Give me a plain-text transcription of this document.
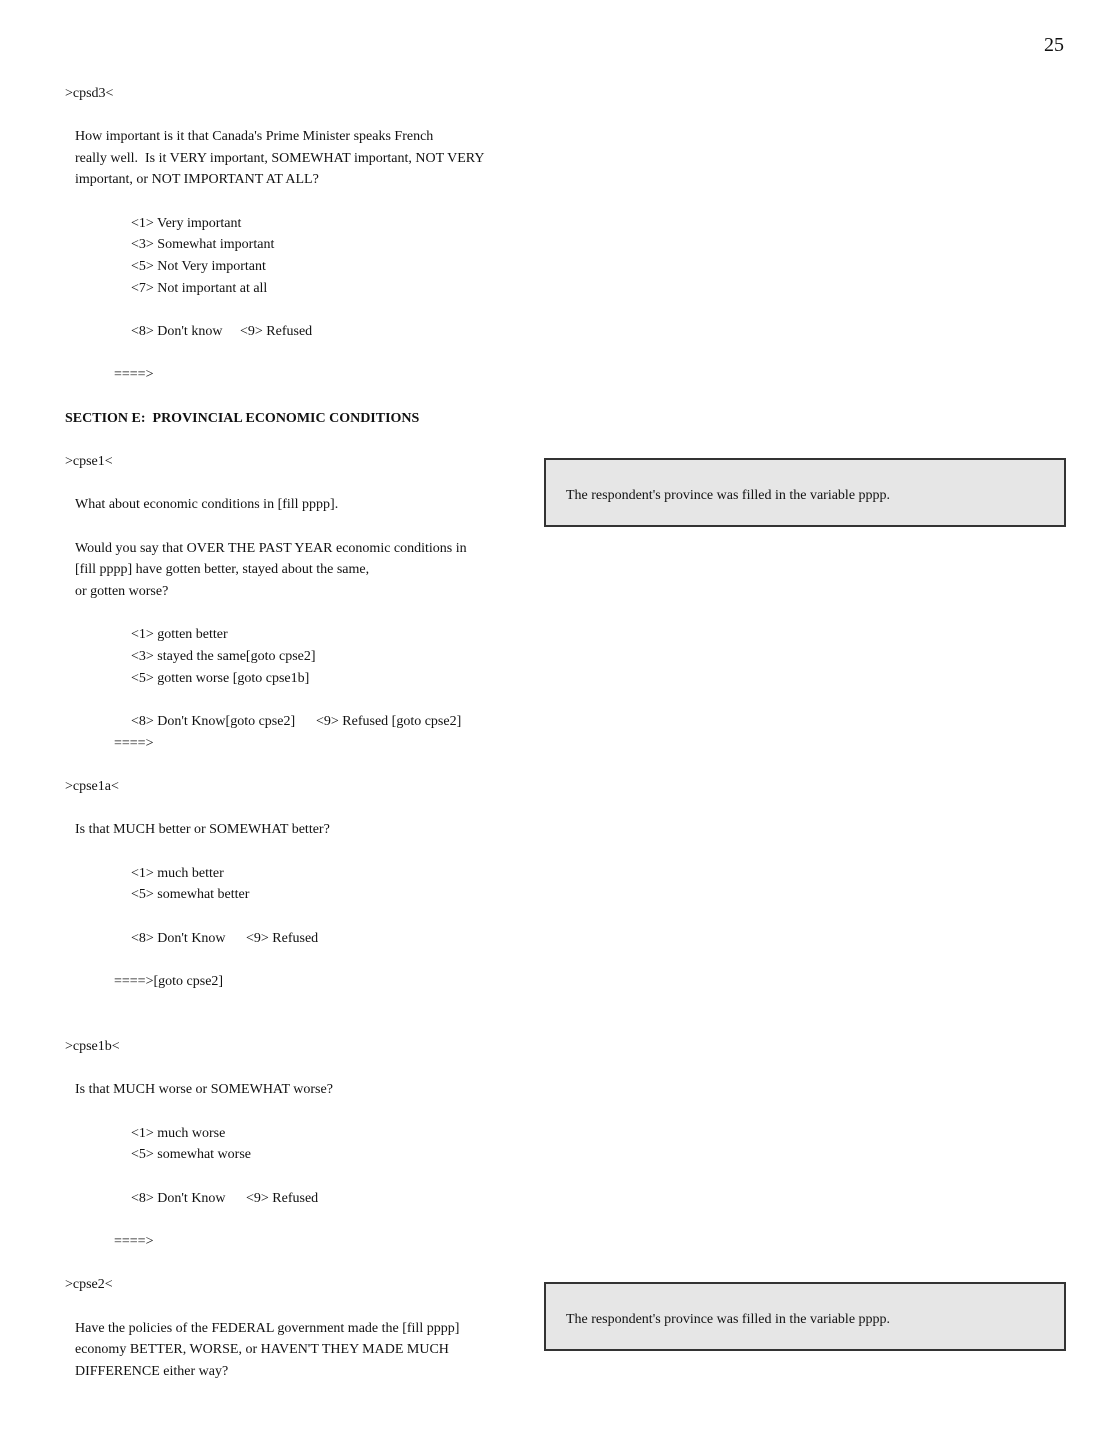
25
>cpsd3<
How important is it that Canada's Prime Minister speaks French
really well.  Is it VERY important, SOMEWHAT important, NOT VERY
important, or NOT IMPORTANT AT ALL?
<1> Very important
<3> Somewhat important
<5> Not Very important
<7> Not important at all
<8> Don't know <9> Refused
====>
SECTION E:  PROVINCIAL ECONOMIC CONDITIONS
>cpse1<
What about economic conditions in [fill pppp].
Would you say that OVER THE PAST YEAR economic conditions in
[fill pppp] have gotten better, stayed about the same,
or gotten worse?
<1> gotten better
<3> stayed the same[goto cpse2]
<5> gotten worse [goto cpse1b]
<8> Don't Know[goto cpse2] <9> Refused [goto cpse2]
====>
The respondent's province was filled in the variable pppp.
>cpse1a<
Is that MUCH better or SOMEWHAT better?
<1> much better
<5> somewhat better
<8> Don't Know <9> Refused
====>[goto cpse2]
>cpse1b<
Is that MUCH worse or SOMEWHAT worse?
<1> much worse
<5> somewhat worse
<8> Don't Know <9> Refused
====>
>cpse2<
Have the policies of the FEDERAL government made the [fill pppp]
economy BETTER, WORSE, or HAVEN'T THEY MADE MUCH
DIFFERENCE either way?
The respondent's province was filled in the variable pppp.
